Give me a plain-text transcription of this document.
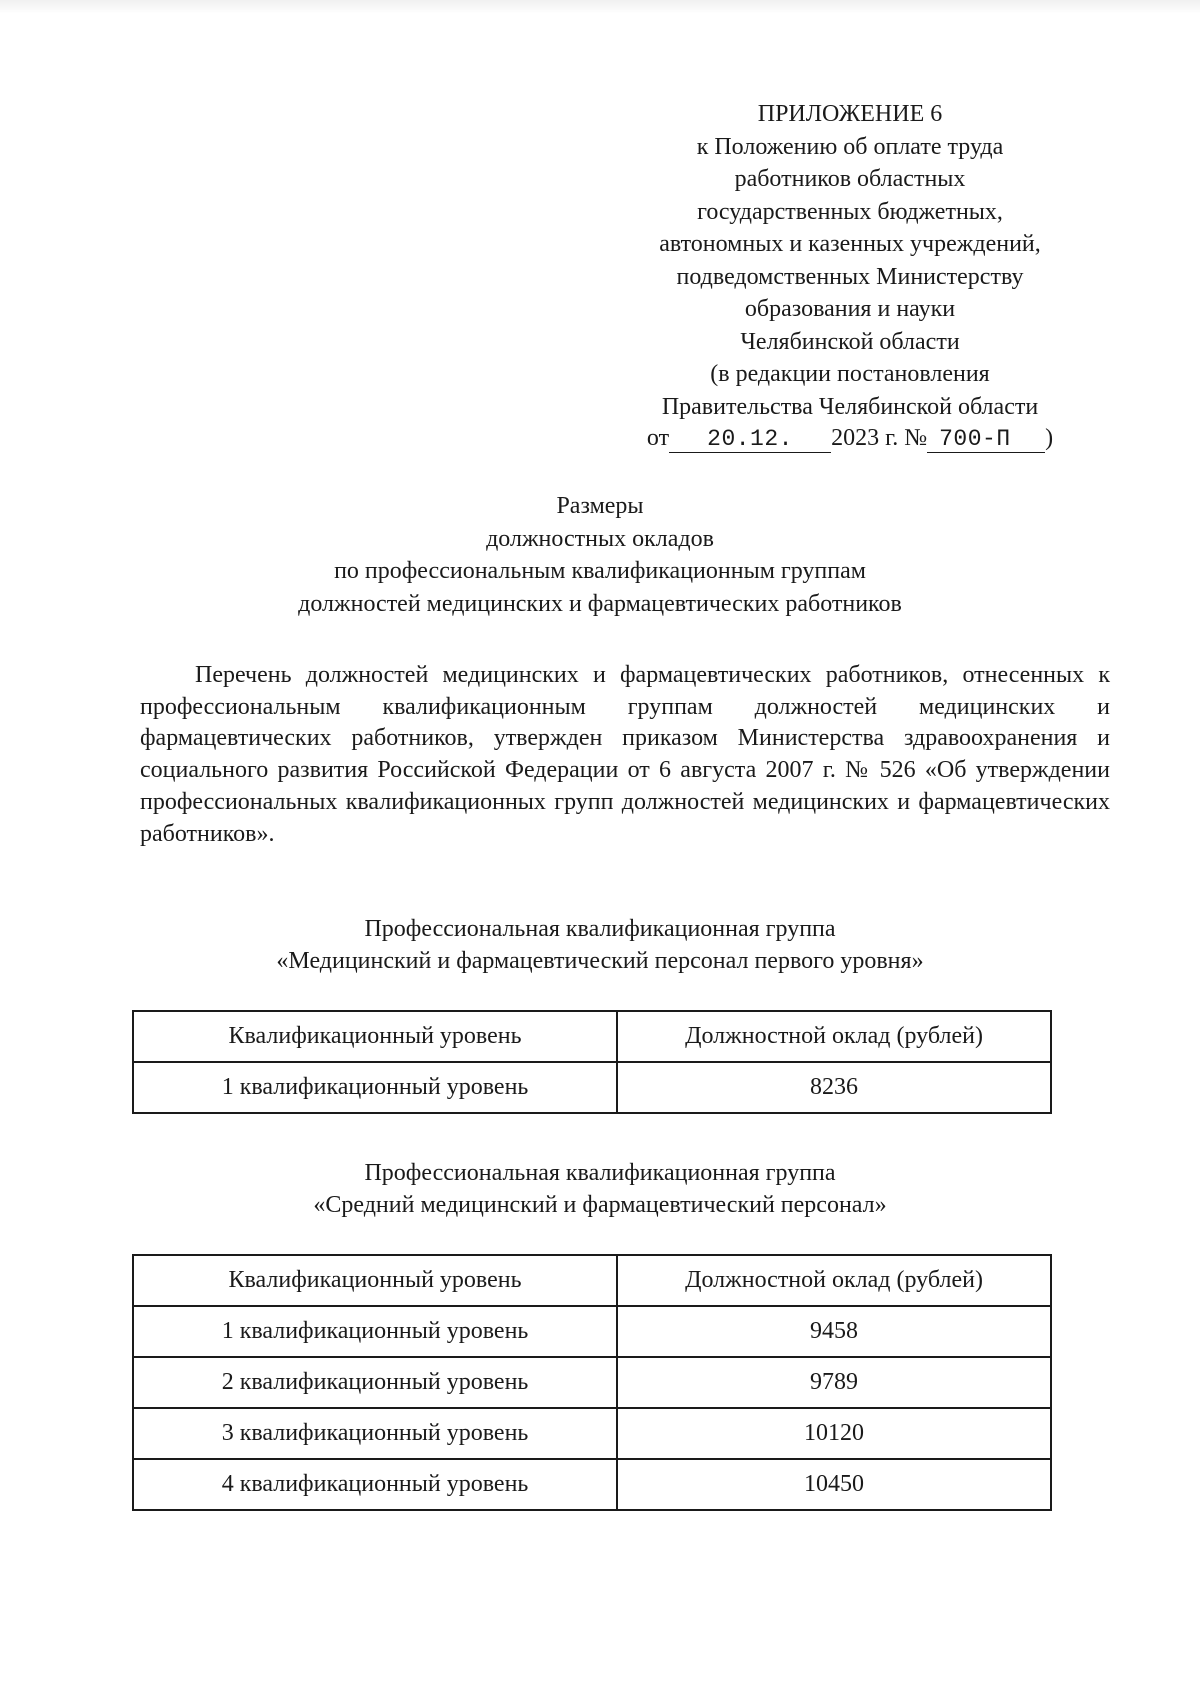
ПРИЛОЖЕНИЕ 6
к Положению об оплате труда
работников областных
государственных бюджетных,
автономных и казенных учреждений,
подведомственных Министерству
образования и науки
Челябинской области
(в редакции постановления
Правительства Челябинской области
от 20.12. 2023 г. № 700-П )
Размеры
должностных окладов
по профессиональным квалификационным группам
должностей медицинских и фармацевтических работников
Перечень должностей медицинских и фармацевтических работников, отнесенных к профессиональным квалификационным группам должностей медицинских и фармацевтических работников, утвержден приказом Министерства здравоохранения и социального развития Российской Федерации от 6 августа 2007 г. № 526 «Об утверждении профессиональных квалификационных групп должностей медицинских и фармацевтических работников».
Профессиональная квалификационная группа
«Медицинский и фармацевтический персонал первого уровня»
Квалификационный уровень	Должностной оклад (рублей)
1 квалификационный уровень	8236
Профессиональная квалификационная группа
«Средний медицинский и фармацевтический персонал»
Квалификационный уровень	Должностной оклад (рублей)
1 квалификационный уровень	9458
2 квалификационный уровень	9789
3 квалификационный уровень	10120
4 квалификационный уровень	10450
